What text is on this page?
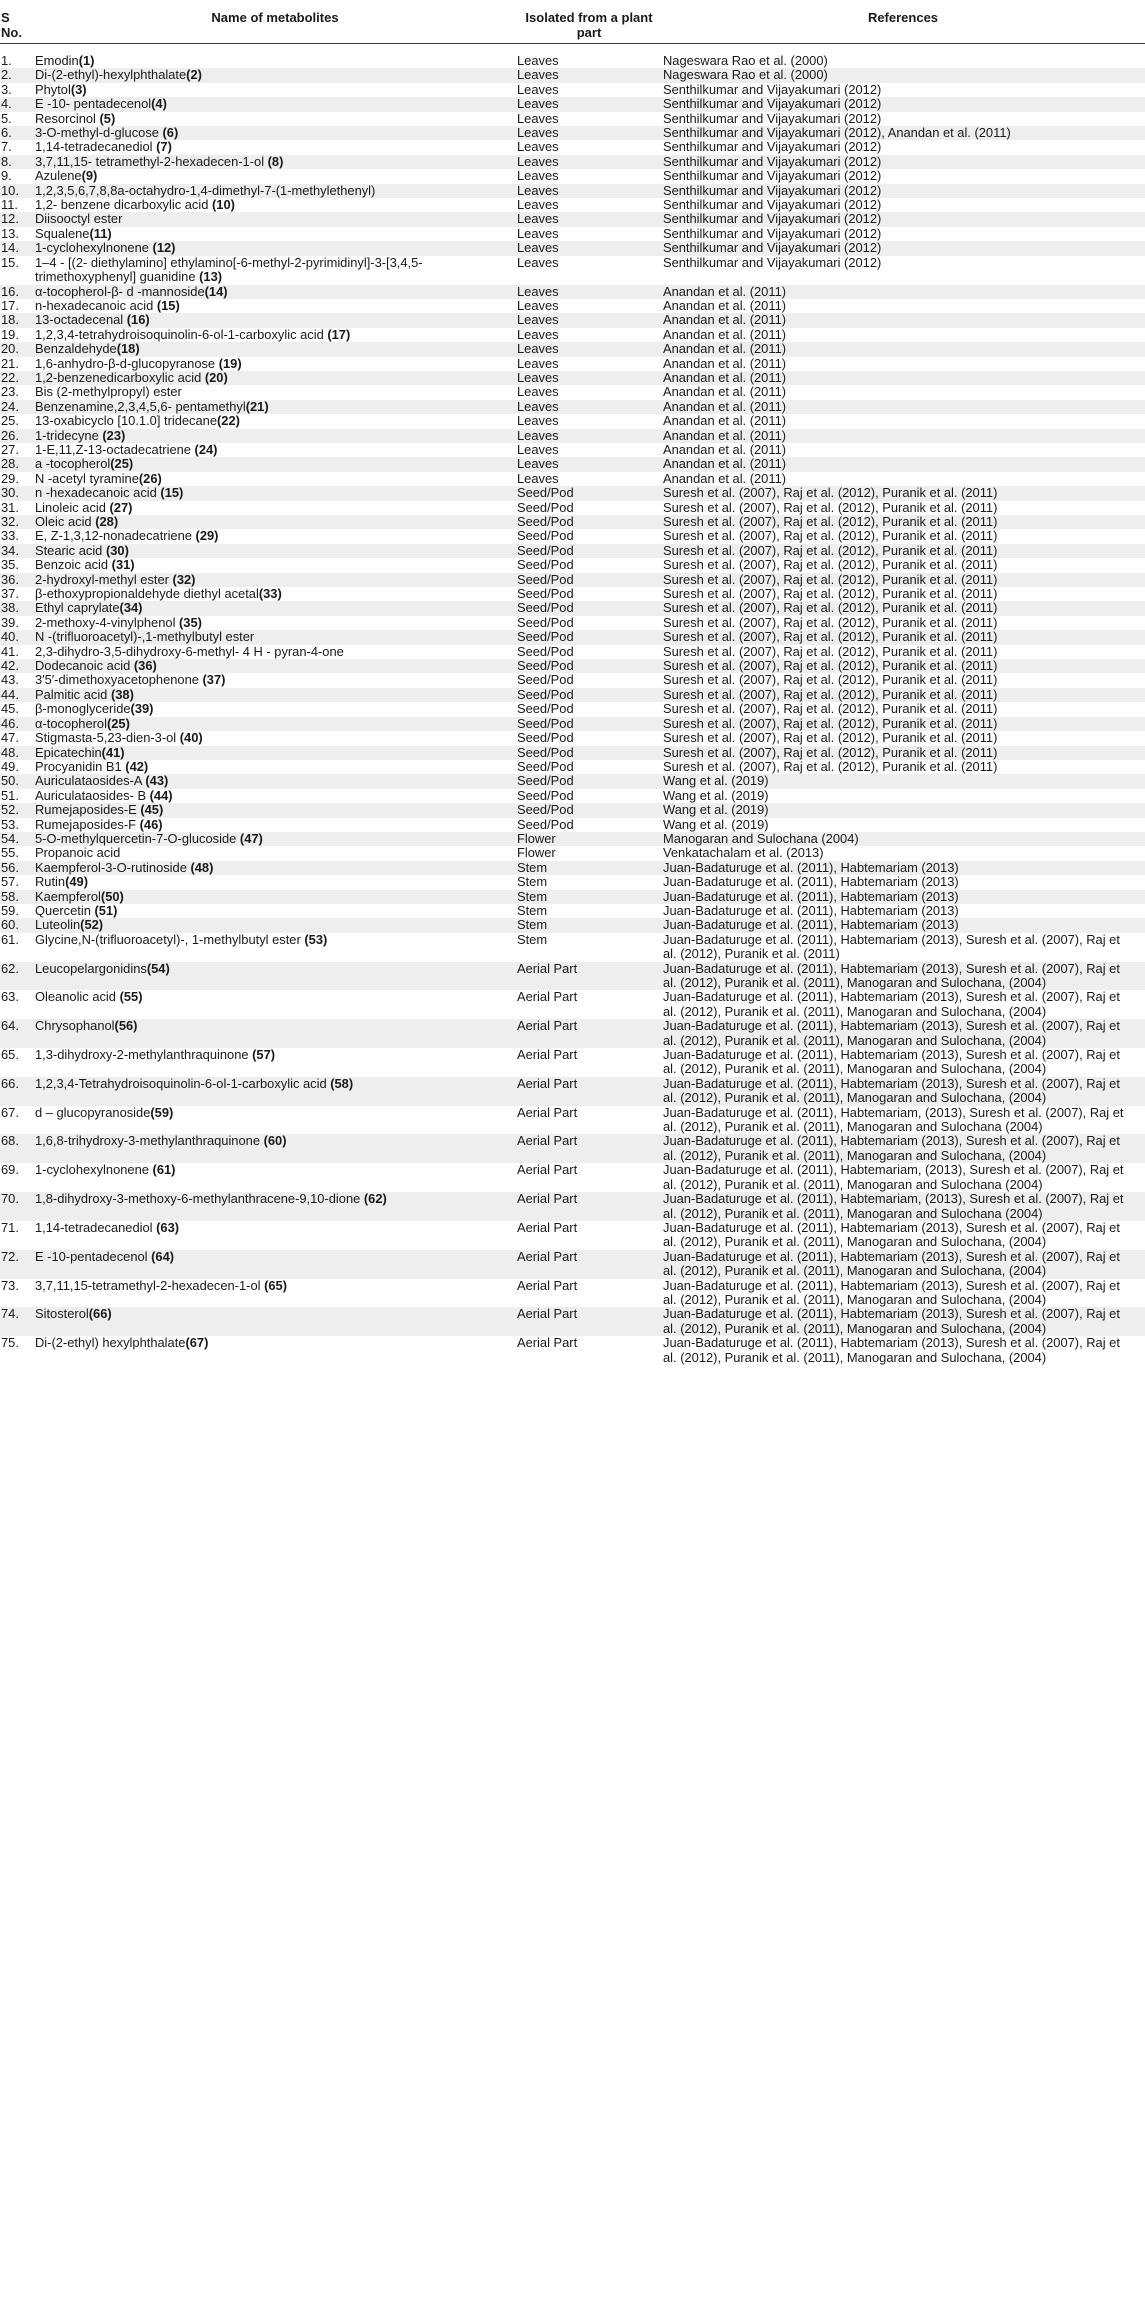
S No.	Name of metabolites	Isolated from a plant part	References
1.	Emodin(1)	Leaves	Nageswara Rao et al. (2000)
2.	Di-(2-ethyl)-hexylphthalate(2)	Leaves	Nageswara Rao et al. (2000)
3.	Phytol(3)	Leaves	Senthilkumar and Vijayakumari (2012)
4.	E -10- pentadecenol(4)	Leaves	Senthilkumar and Vijayakumari (2012)
5.	Resorcinol (5)	Leaves	Senthilkumar and Vijayakumari (2012)
6.	3-O-methyl-d-glucose (6)	Leaves	Senthilkumar and Vijayakumari (2012), Anandan et al. (2011)
7.	1,14-tetradecanediol (7)	Leaves	Senthilkumar and Vijayakumari (2012)
8.	3,7,11,15- tetramethyl-2-hexadecen-1-ol (8)	Leaves	Senthilkumar and Vijayakumari (2012)
9.	Azulene(9)	Leaves	Senthilkumar and Vijayakumari (2012)
10.	1,2,3,5,6,7,8,8a-octahydro-1,4-dimethyl-7-(1-methylethenyl)	Leaves	Senthilkumar and Vijayakumari (2012)
11.	1,2- benzene dicarboxylic acid (10)	Leaves	Senthilkumar and Vijayakumari (2012)
12.	Diisooctyl ester	Leaves	Senthilkumar and Vijayakumari (2012)
13.	Squalene(11)	Leaves	Senthilkumar and Vijayakumari (2012)
14.	1-cyclohexylnonene (12)	Leaves	Senthilkumar and Vijayakumari (2012)
15.	1–4 - [(2- diethylamino] ethylamino[-6-methyl-2-pyrimidinyl]-3-[3,4,5- trimethoxyphenyl] guanidine (13)	Leaves	Senthilkumar and Vijayakumari (2012)
16.	α-tocopherol-β- d -mannoside(14)	Leaves	Anandan et al. (2011)
17.	n-hexadecanoic acid (15)	Leaves	Anandan et al. (2011)
18.	13-octadecenal (16)	Leaves	Anandan et al. (2011)
19.	1,2,3,4-tetrahydroisoquinolin-6-ol-1-carboxylic acid (17)	Leaves	Anandan et al. (2011)
20.	Benzaldehyde(18)	Leaves	Anandan et al. (2011)
21.	1,6-anhydro-β-d-glucopyranose (19)	Leaves	Anandan et al. (2011)
22.	1,2-benzenedicarboxylic acid (20)	Leaves	Anandan et al. (2011)
23.	Bis (2-methylpropyl) ester	Leaves	Anandan et al. (2011)
24.	Benzenamine,2,3,4,5,6- pentamethyl(21)	Leaves	Anandan et al. (2011)
25.	13-oxabicyclo [10.1.0] tridecane(22)	Leaves	Anandan et al. (2011)
26.	1-tridecyne (23)	Leaves	Anandan et al. (2011)
27.	1-E,11,Z-13-octadecatriene (24)	Leaves	Anandan et al. (2011)
28.	a -tocopherol(25)	Leaves	Anandan et al. (2011)
29.	N -acetyl tyramine(26)	Leaves	Anandan et al. (2011)
30.	n -hexadecanoic acid (15)	Seed/Pod	Suresh et al. (2007), Raj et al. (2012), Puranik et al. (2011)
31.	Linoleic acid (27)	Seed/Pod	Suresh et al. (2007), Raj et al. (2012), Puranik et al. (2011)
32.	Oleic acid (28)	Seed/Pod	Suresh et al. (2007), Raj et al. (2012), Puranik et al. (2011)
33.	E, Z-1,3,12-nonadecatriene (29)	Seed/Pod	Suresh et al. (2007), Raj et al. (2012), Puranik et al. (2011)
34.	Stearic acid (30)	Seed/Pod	Suresh et al. (2007), Raj et al. (2012), Puranik et al. (2011)
35.	Benzoic acid (31)	Seed/Pod	Suresh et al. (2007), Raj et al. (2012), Puranik et al. (2011)
36.	2-hydroxyl-methyl ester (32)	Seed/Pod	Suresh et al. (2007), Raj et al. (2012), Puranik et al. (2011)
37.	β-ethoxypropionaldehyde diethyl acetal(33)	Seed/Pod	Suresh et al. (2007), Raj et al. (2012), Puranik et al. (2011)
38.	Ethyl caprylate(34)	Seed/Pod	Suresh et al. (2007), Raj et al. (2012), Puranik et al. (2011)
39.	2-methoxy-4-vinylphenol (35)	Seed/Pod	Suresh et al. (2007), Raj et al. (2012), Puranik et al. (2011)
40.	N -(trifluoroacetyl)-,1-methylbutyl ester	Seed/Pod	Suresh et al. (2007), Raj et al. (2012), Puranik et al. (2011)
41.	2,3-dihydro-3,5-dihydroxy-6-methyl- 4 H - pyran-4-one	Seed/Pod	Suresh et al. (2007), Raj et al. (2012), Puranik et al. (2011)
42.	Dodecanoic acid (36)	Seed/Pod	Suresh et al. (2007), Raj et al. (2012), Puranik et al. (2011)
43.	3′5′-dimethoxyacetophenone (37)	Seed/Pod	Suresh et al. (2007), Raj et al. (2012), Puranik et al. (2011)
44.	Palmitic acid (38)	Seed/Pod	Suresh et al. (2007), Raj et al. (2012), Puranik et al. (2011)
45.	β-monoglyceride(39)	Seed/Pod	Suresh et al. (2007), Raj et al. (2012), Puranik et al. (2011)
46.	α-tocopherol(25)	Seed/Pod	Suresh et al. (2007), Raj et al. (2012), Puranik et al. (2011)
47.	Stigmasta-5,23-dien-3-ol (40)	Seed/Pod	Suresh et al. (2007), Raj et al. (2012), Puranik et al. (2011)
48.	Epicatechin(41)	Seed/Pod	Suresh et al. (2007), Raj et al. (2012), Puranik et al. (2011)
49.	Procyanidin B1 (42)	Seed/Pod	Suresh et al. (2007), Raj et al. (2012), Puranik et al. (2011)
50.	Auriculataosides-A (43)	Seed/Pod	Wang et al. (2019)
51.	Auriculataosides- B (44)	Seed/Pod	Wang et al. (2019)
52.	Rumejaposides-E (45)	Seed/Pod	Wang et al. (2019)
53.	Rumejaposides-F (46)	Seed/Pod	Wang et al. (2019)
54.	5-O-methylquercetin-7-O-glucoside (47)	Flower	Manogaran and Sulochana (2004)
55.	Propanoic acid	Flower	Venkatachalam et al. (2013)
56.	Kaempferol-3-O-rutinoside (48)	Stem	Juan-Badaturuge et al. (2011), Habtemariam (2013)
57.	Rutin(49)	Stem	Juan-Badaturuge et al. (2011), Habtemariam (2013)
58.	Kaempferol(50)	Stem	Juan-Badaturuge et al. (2011), Habtemariam (2013)
59.	Quercetin (51)	Stem	Juan-Badaturuge et al. (2011), Habtemariam (2013)
60.	Luteolin(52)	Stem	Juan-Badaturuge et al. (2011), Habtemariam (2013)
61.	Glycine,N-(trifluoroacetyl)-, 1-methylbutyl ester (53)	Stem	Juan-Badaturuge et al. (2011), Habtemariam (2013), Suresh et al. (2007), Raj et al. (2012), Puranik et al. (2011)
62.	Leucopelargonidins(54)	Aerial Part	Juan-Badaturuge et al. (2011), Habtemariam (2013), Suresh et al. (2007), Raj et al. (2012), Puranik et al. (2011), Manogaran and Sulochana, (2004)
63.	Oleanolic acid (55)	Aerial Part	Juan-Badaturuge et al. (2011), Habtemariam (2013), Suresh et al. (2007), Raj et al. (2012), Puranik et al. (2011), Manogaran and Sulochana, (2004)
64.	Chrysophanol(56)	Aerial Part	Juan-Badaturuge et al. (2011), Habtemariam (2013), Suresh et al. (2007), Raj et al. (2012), Puranik et al. (2011), Manogaran and Sulochana, (2004)
65.	1,3-dihydroxy-2-methylanthraquinone (57)	Aerial Part	Juan-Badaturuge et al. (2011), Habtemariam (2013), Suresh et al. (2007), Raj et al. (2012), Puranik et al. (2011), Manogaran and Sulochana, (2004)
66.	1,2,3,4-Tetrahydroisoquinolin-6-ol-1-carboxylic acid (58)	Aerial Part	Juan-Badaturuge et al. (2011), Habtemariam (2013), Suresh et al. (2007), Raj et al. (2012), Puranik et al. (2011), Manogaran and Sulochana, (2004)
67.	d – glucopyranoside(59)	Aerial Part	Juan-Badaturuge et al. (2011), Habtemariam, (2013), Suresh et al. (2007), Raj et al. (2012), Puranik et al. (2011), Manogaran and Sulochana (2004)
68.	1,6,8-trihydroxy-3-methylanthraquinone (60)	Aerial Part	Juan-Badaturuge et al. (2011), Habtemariam (2013), Suresh et al. (2007), Raj et al. (2012), Puranik et al. (2011), Manogaran and Sulochana, (2004)
69.	1-cyclohexylnonene (61)	Aerial Part	Juan-Badaturuge et al. (2011), Habtemariam, (2013), Suresh et al. (2007), Raj et al. (2012), Puranik et al. (2011), Manogaran and Sulochana (2004)
70.	1,8-dihydroxy-3-methoxy-6-methylanthracene-9,10-dione (62)	Aerial Part	Juan-Badaturuge et al. (2011), Habtemariam, (2013), Suresh et al. (2007), Raj et al. (2012), Puranik et al. (2011), Manogaran and Sulochana (2004)
71.	1,14-tetradecanediol (63)	Aerial Part	Juan-Badaturuge et al. (2011), Habtemariam (2013), Suresh et al. (2007), Raj et al. (2012), Puranik et al. (2011), Manogaran and Sulochana, (2004)
72.	E -10-pentadecenol (64)	Aerial Part	Juan-Badaturuge et al. (2011), Habtemariam (2013), Suresh et al. (2007), Raj et al. (2012), Puranik et al. (2011), Manogaran and Sulochana, (2004)
73.	3,7,11,15-tetramethyl-2-hexadecen-1-ol (65)	Aerial Part	Juan-Badaturuge et al. (2011), Habtemariam (2013), Suresh et al. (2007), Raj et al. (2012), Puranik et al. (2011), Manogaran and Sulochana, (2004)
74.	Sitosterol(66)	Aerial Part	Juan-Badaturuge et al. (2011), Habtemariam (2013), Suresh et al. (2007), Raj et al. (2012), Puranik et al. (2011), Manogaran and Sulochana, (2004)
75.	Di-(2-ethyl) hexylphthalate(67)	Aerial Part	Juan-Badaturuge et al. (2011), Habtemariam (2013), Suresh et al. (2007), Raj et al. (2012), Puranik et al. (2011), Manogaran and Sulochana, (2004)
